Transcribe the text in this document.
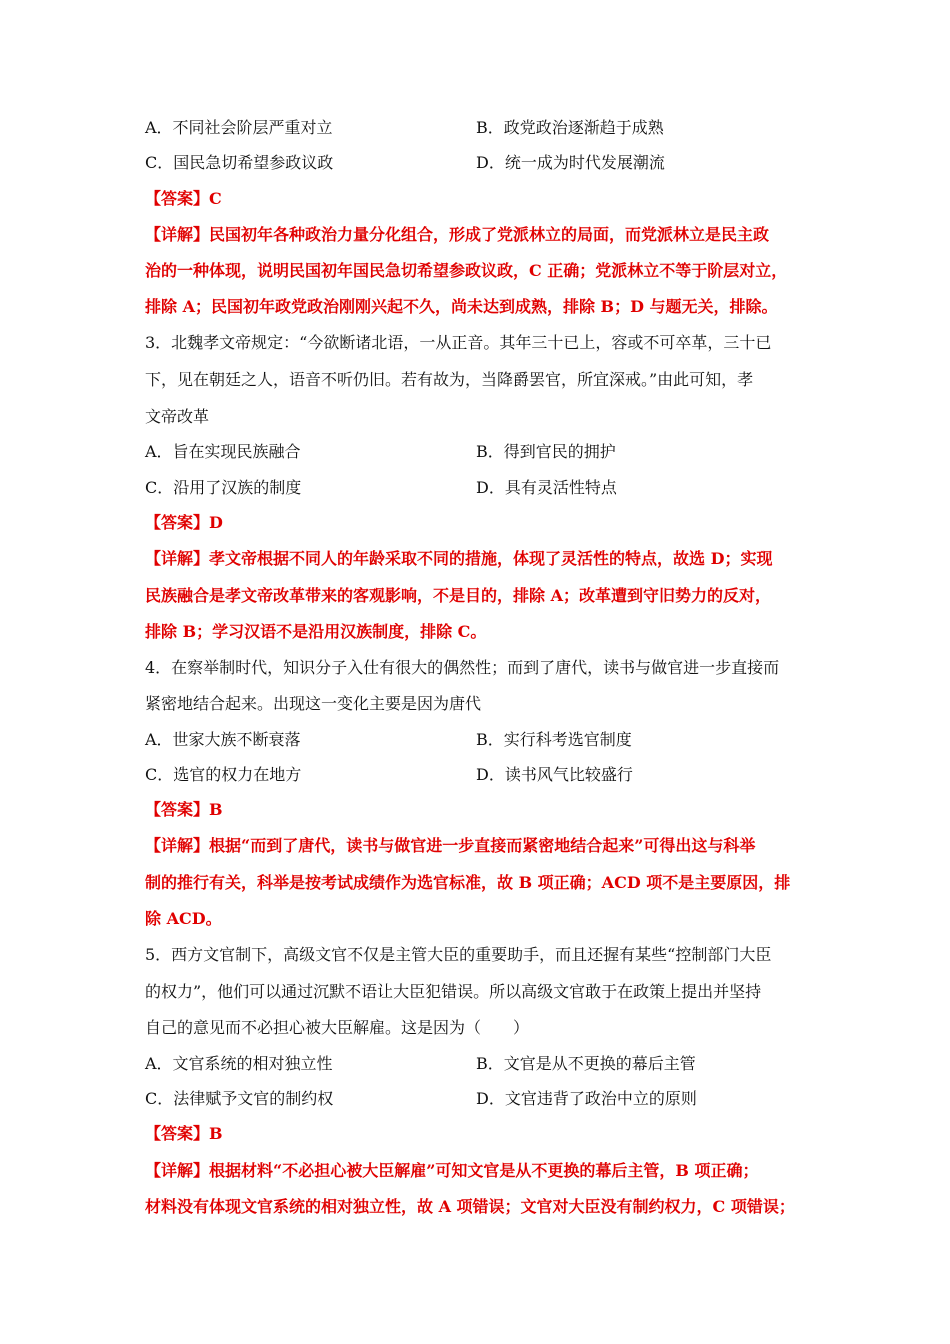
A．不同社会阶层严重对立	B．政党政治逐渐趋于成熟
C．国民急切希望参政议政	D．统一成为时代发展潮流
【答案】C
【详解】民国初年各种政治力量分化组合，形成了党派林立的局面，而党派林立是民主政
治的一种体现，说明民国初年国民急切希望参政议政，C 正确；党派林立不等于阶层对立，
排除 A；民国初年政党政治刚刚兴起不久，尚未达到成熟，排除 B；D 与题无关，排除。
3．北魏孝文帝规定：“今欲断诸北语，一从正音。其年三十已上，容或不可卒革，三十已
下，见在朝廷之人，语音不听仍旧。若有故为，当降爵罢官，所宜深戒。”由此可知，孝
文帝改革
A．旨在实现民族融合	B．得到官民的拥护
C．沿用了汉族的制度	D．具有灵活性特点
【答案】D
【详解】孝文帝根据不同人的年龄采取不同的措施，体现了灵活性的特点，故选 D；实现
民族融合是孝文帝改革带来的客观影响，不是目的，排除 A；改革遭到守旧势力的反对，
排除 B；学习汉语不是沿用汉族制度，排除 C。
4．在察举制时代，知识分子入仕有很大的偶然性；而到了唐代，读书与做官进一步直接而
紧密地结合起来。出现这一变化主要是因为唐代
A．世家大族不断衰落	B．实行科考选官制度
C．选官的权力在地方	D．读书风气比较盛行
【答案】B
【详解】根据“而到了唐代，读书与做官进一步直接而紧密地结合起来”可得出这与科举
制的推行有关，科举是按考试成绩作为选官标准，故 B 项正确；ACD 项不是主要原因，排
除 ACD。
5．西方文官制下，高级文官不仅是主管大臣的重要助手，而且还握有某些“控制部门大臣
的权力”，他们可以通过沉默不语让大臣犯错误。所以高级文官敢于在政策上提出并坚持
自己的意见而不必担心被大臣解雇。这是因为（　　）
A．文官系统的相对独立性	B．文官是从不更换的幕后主管
C．法律赋予文官的制约权	D．文官违背了政治中立的原则
【答案】B
【详解】根据材料“不必担心被大臣解雇”可知文官是从不更换的幕后主管，B 项正确；
材料没有体现文官系统的相对独立性，故 A 项错误；文官对大臣没有制约权力，C 项错误；
